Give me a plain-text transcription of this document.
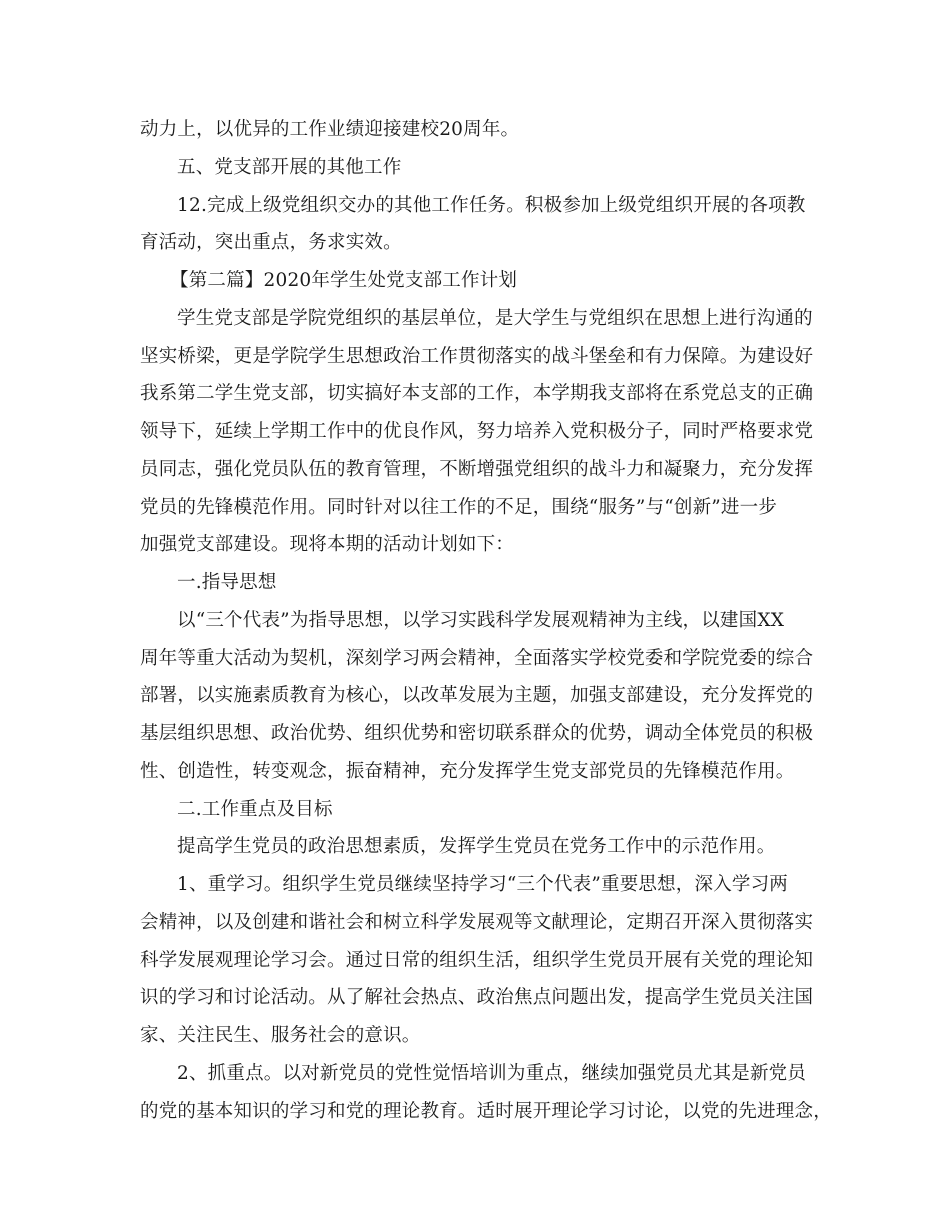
动力上，以优异的工作业绩迎接建校20周年。
五、党支部开展的其他工作
12.完成上级党组织交办的其他工作任务。积极参加上级党组织开展的各项教
育活动，突出重点，务求实效。
【第二篇】2020年学生处党支部工作计划
学生党支部是学院党组织的基层单位，是大学生与党组织在思想上进行沟通的
坚实桥梁，更是学院学生思想政治工作贯彻落实的战斗堡垒和有力保障。为建设好
我系第二学生党支部，切实搞好本支部的工作，本学期我支部将在系党总支的正确
领导下，延续上学期工作中的优良作风，努力培养入党积极分子，同时严格要求党
员同志，强化党员队伍的教育管理，不断增强党组织的战斗力和凝聚力，充分发挥
党员的先锋模范作用。同时针对以往工作的不足，围绕“服务”与“创新”进一步
加强党支部建设。现将本期的活动计划如下：
一.指导思想
以“三个代表”为指导思想，以学习实践科学发展观精神为主线，以建国XX
周年等重大活动为契机，深刻学习两会精神，全面落实学校党委和学院党委的综合
部署，以实施素质教育为核心，以改革发展为主题，加强支部建设，充分发挥党的
基层组织思想、政治优势、组织优势和密切联系群众的优势，调动全体党员的积极
性、创造性，转变观念，振奋精神，充分发挥学生党支部党员的先锋模范作用。
二.工作重点及目标
提高学生党员的政治思想素质，发挥学生党员在党务工作中的示范作用。
1、重学习。组织学生党员继续坚持学习“三个代表”重要思想，深入学习两
会精神，以及创建和谐社会和树立科学发展观等文献理论，定期召开深入贯彻落实
科学发展观理论学习会。通过日常的组织生活，组织学生党员开展有关党的理论知
识的学习和讨论活动。从了解社会热点、政治焦点问题出发，提高学生党员关注国
家、关注民生、服务社会的意识。
2、抓重点。以对新党员的党性觉悟培训为重点，继续加强党员尤其是新党员
的党的基本知识的学习和党的理论教育。适时展开理论学习讨论，以党的先进理念，
